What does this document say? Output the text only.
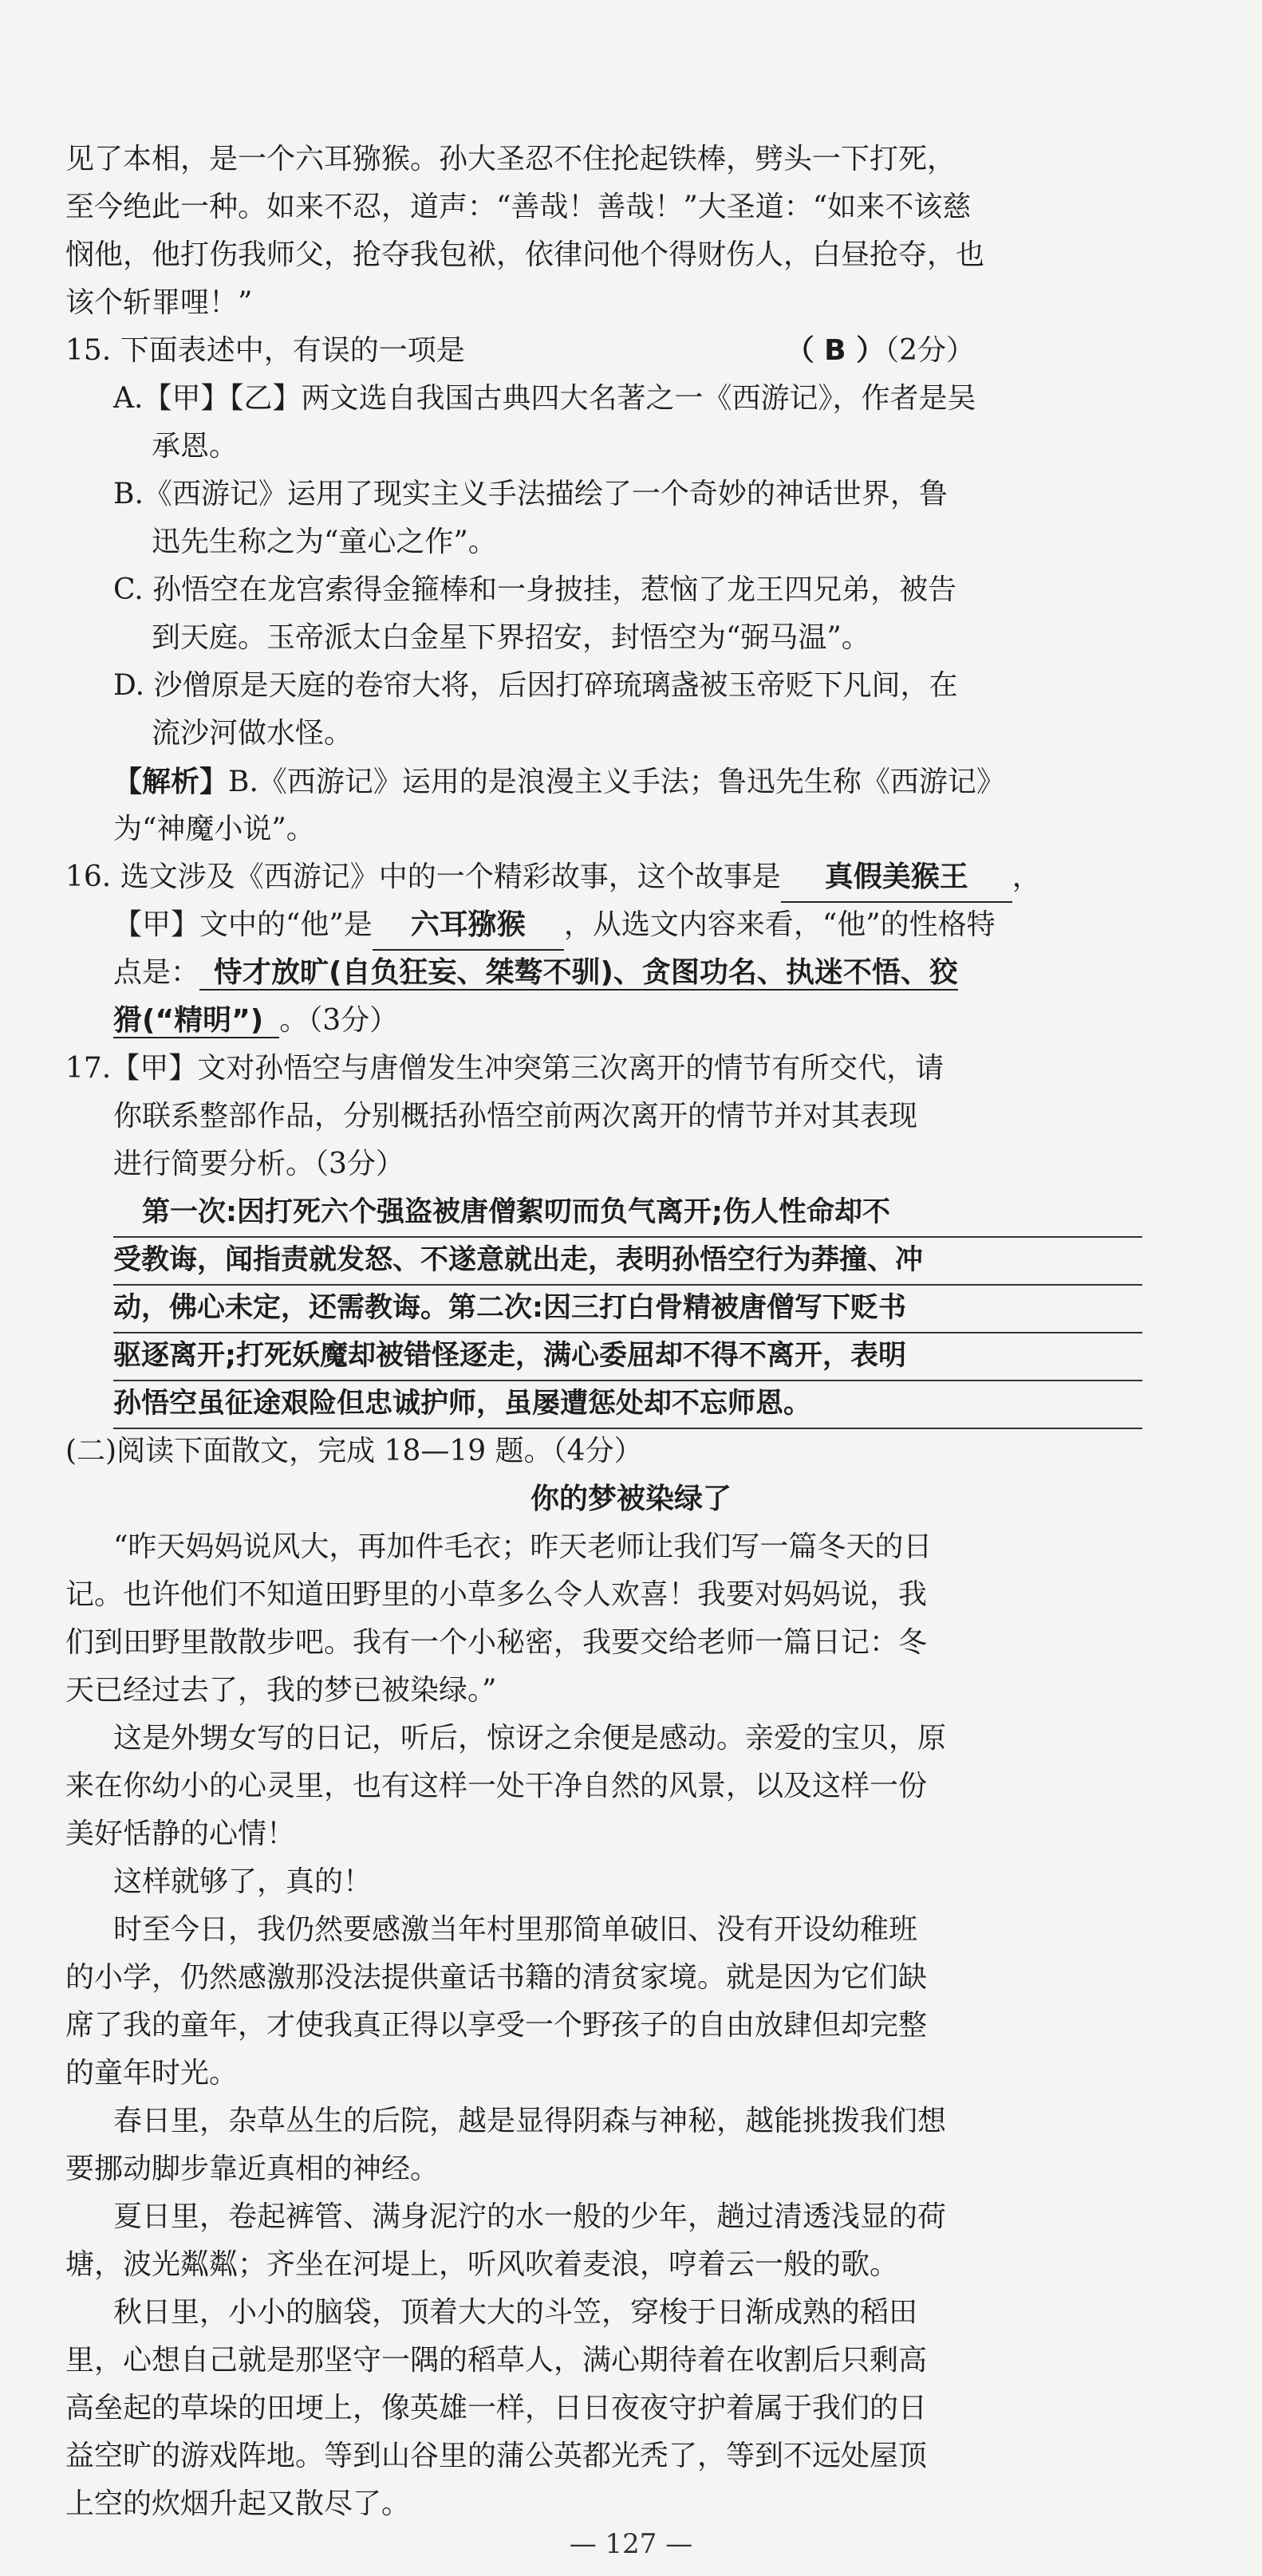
见了本相，是一个六耳猕猴。孙大圣忍不住抡起铁棒，劈头一下打死，
至今绝此一种。如来不忍，道声：“善哉！善哉！”大圣道：“如来不该慈
悯他，他打伤我师父，抢夺我包袱，依律问他个得财伤人，白昼抢夺，也
该个斩罪哩！”
15. 下面表述中，有误的一项是	（ B ）（2分）
A.【甲】【乙】两文选自我国古典四大名著之一《西游记》，作者是吴
承恩。
B.《西游记》运用了现实主义手法描绘了一个奇妙的神话世界，鲁
迅先生称之为“童心之作”。
C. 孙悟空在龙宫索得金箍棒和一身披挂，惹恼了龙王四兄弟，被告
到天庭。玉帝派太白金星下界招安，封悟空为“弼马温”。
D. 沙僧原是天庭的卷帘大将，后因打碎琉璃盏被玉帝贬下凡间，在
流沙河做水怪。
【解析】B.《西游记》运用的是浪漫主义手法；鲁迅先生称《西游记》
为“神魔小说”。
16. 选文涉及《西游记》中的一个精彩故事，这个故事是 真假美猴王 ，
【甲】文中的“他”是 六耳猕猴 ，从选文内容来看，“他”的性格特
点是： 恃才放旷(自负狂妄、桀骜不驯)、贪图功名、执迷不悟、狡
猾(“精明”) 。（3分）
17.【甲】文对孙悟空与唐僧发生冲突第三次离开的情节有所交代，请
你联系整部作品，分别概括孙悟空前两次离开的情节并对其表现
进行简要分析。（3分）
第一次:因打死六个强盗被唐僧絮叨而负气离开;伤人性命却不
受教诲，闻指责就发怒、不遂意就出走，表明孙悟空行为莽撞、冲
动，佛心未定，还需教诲。第二次:因三打白骨精被唐僧写下贬书
驱逐离开;打死妖魔却被错怪逐走，满心委屈却不得不离开，表明
孙悟空虽征途艰险但忠诚护师，虽屡遭惩处却不忘师恩。
(二)阅读下面散文，完成 18—19 题。（4分）
你的梦被染绿了
“昨天妈妈说风大，再加件毛衣；昨天老师让我们写一篇冬天的日
记。也许他们不知道田野里的小草多么令人欢喜！我要对妈妈说，我
们到田野里散散步吧。我有一个小秘密，我要交给老师一篇日记：冬
天已经过去了，我的梦已被染绿。”
这是外甥女写的日记，听后，惊讶之余便是感动。亲爱的宝贝，原
来在你幼小的心灵里，也有这样一处干净自然的风景，以及这样一份
美好恬静的心情！
这样就够了，真的！
时至今日，我仍然要感激当年村里那简单破旧、没有开设幼稚班
的小学，仍然感激那没法提供童话书籍的清贫家境。就是因为它们缺
席了我的童年，才使我真正得以享受一个野孩子的自由放肆但却完整
的童年时光。
春日里，杂草丛生的后院，越是显得阴森与神秘，越能挑拨我们想
要挪动脚步靠近真相的神经。
夏日里，卷起裤管、满身泥泞的水一般的少年，趟过清透浅显的荷
塘，波光粼粼；齐坐在河堤上，听风吹着麦浪，哼着云一般的歌。
秋日里，小小的脑袋，顶着大大的斗笠，穿梭于日渐成熟的稻田
里，心想自己就是那坚守一隅的稻草人，满心期待着在收割后只剩高
高垒起的草垛的田埂上，像英雄一样，日日夜夜守护着属于我们的日
益空旷的游戏阵地。等到山谷里的蒲公英都光秃了，等到不远处屋顶
上空的炊烟升起又散尽了。
— 127 —
